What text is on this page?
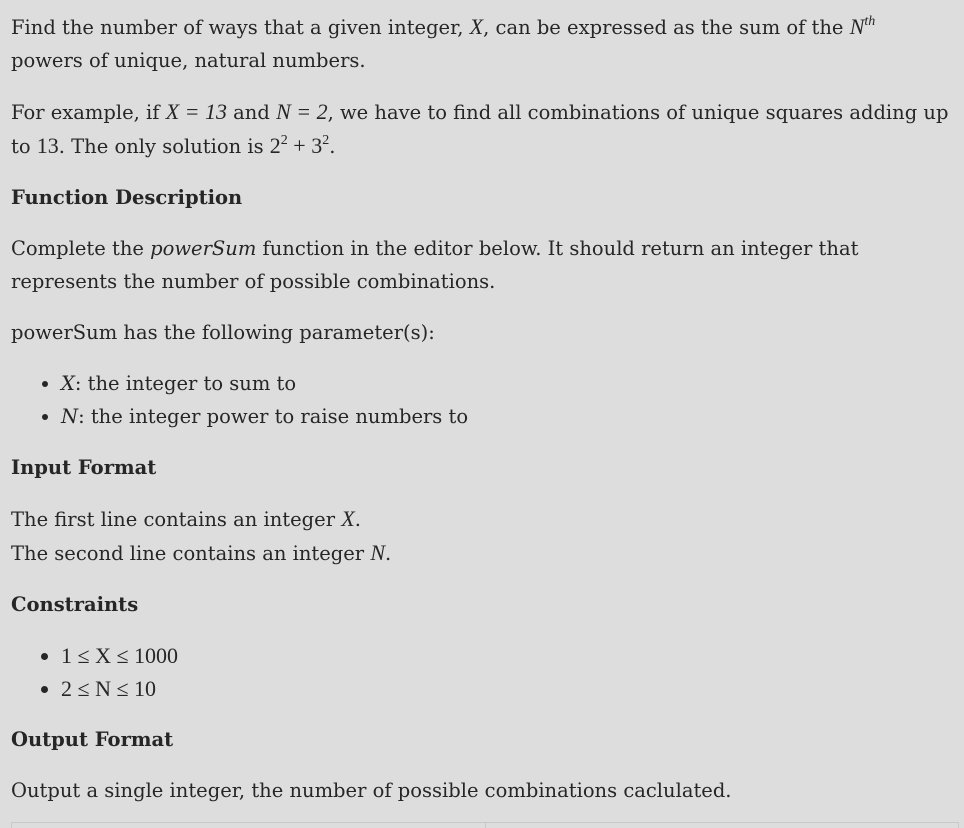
Find the number of ways that a given integer, X, can be expressed as the sum of the $N^{th}$ powers of unique, natural numbers.

For example, if X = 13 and N = 2, we have to find all combinations of unique squares adding up to 13. The only solution is $2^2 + 3^2$.

Function Description

Complete the powerSum function in the editor below. It should return an integer that represents the number of possible combinations.

powerSum has the following parameter(s):

• X: the integer to sum to
• N: the integer power to raise numbers to

Input Format

The first line contains an integer X.
The second line contains an integer N.

Constraints

• 1 ≤ X ≤ 1000
• 2 ≤ N ≤ 10

Output Format

Output a single integer, the number of possible combinations caclulated.
